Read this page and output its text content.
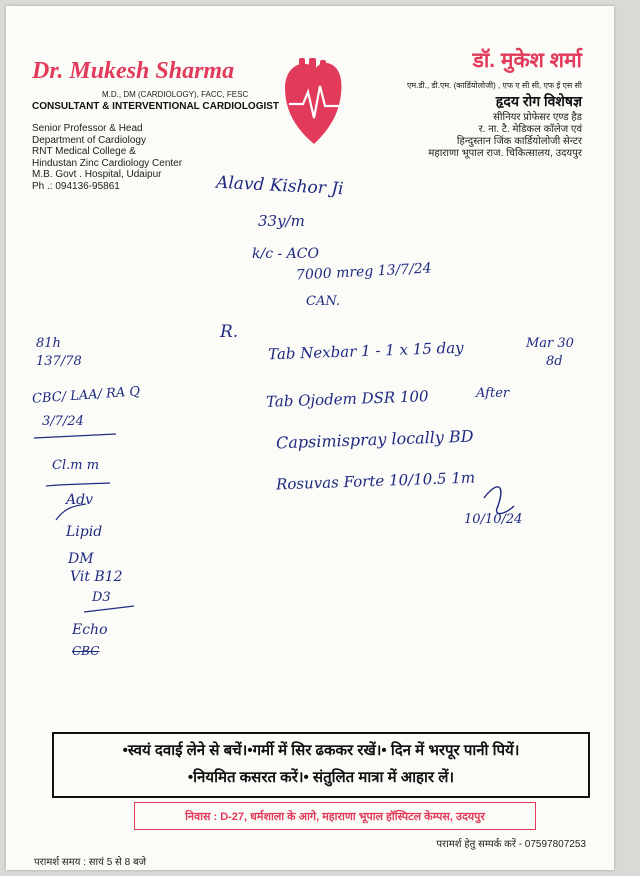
Dr. Mukesh Sharma
M.D., DM (CARDIOLOGY), FACC, FESC
CONSULTANT & INTERVENTIONAL CARDIOLOGIST
Senior Professor & Head
Department of Cardiology
RNT Medical College &
Hindustan Zinc Cardiology Center
M.B. Govt . Hospital, Udaipur
Ph .: 094136-95861
डॉ. मुकेश शर्मा
एम.डी., डी.एम. (कार्डियोलोजी) , एफ ए सी सी, एफ ई एस सी
हृदय रोग विशेषज्ञ
सीनियर प्रोफेसर एण्ड हैड
र. ना. टै. मेडिकल कॉलेज एवं
हिन्दुस्तान जिंक कार्डियोलोजी सेन्टर
महाराणा भूपाल राज. चिकित्सालय, उदयपुर
Alavd Kishor Ji
33y/m
k/c - ACO
7000 mreg 13/7/24
CAN.
R.
81h
137/78
CBC/ LAA/ RA Q
3/7/24
Cl.m m
Adv
Lipid
DM
Vit B12
D3
Echo
CBC
Tab Nexbar 1 - 1 x 15 day	Mar 30
8d
Tab Ojodem DSR 100	After
Capsimispray locally BD
Rosuvas Forte 10/10.5 1m
10/10/24
•स्वयं दवाई लेने से बचें।•गर्मी में सिर ढककर रखें।• दिन में भरपूर पानी पियें।
•नियमित कसरत करें।• संतुलित मात्रा में आहार लें।
निवास : D-27, धर्मशाला के आगे, महाराणा भूपाल हॉस्पिटल केम्पस, उदयपुर
परामर्श हेतु सम्पर्क करें - 07597807253
परामर्श समय : सायं 5 से 8 बजे
